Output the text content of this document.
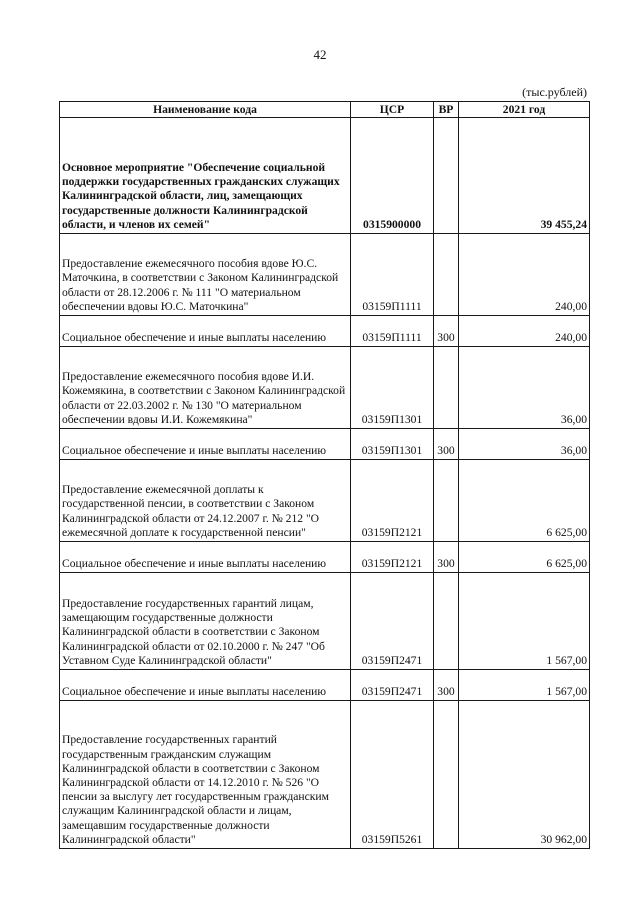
42
(тыс.рублей)
Наименование кода	ЦСР	ВР	2021 год
Основное мероприятие "Обеспечение социальной поддержки государственных гражданских служащих Калининградской области, лиц, замещающих государственные должности Калининградской области, и членов их семей"	0315900000		39 455,24
Предоставление ежемесячного пособия вдове Ю.С. Маточкина, в соответствии с Законом Калининградской области от 28.12.2006 г. № 111 "О материальном обеспечении вдовы Ю.С. Маточкина"	03159П1111		240,00
Социальное обеспечение и иные выплаты населению	03159П1111	300	240,00
Предоставление ежемесячного пособия вдове И.И. Кожемякина, в соответствии с Законом Калининградской области от 22.03.2002 г. № 130 "О материальном обеспечении вдовы И.И. Кожемякина"	03159П1301		36,00
Социальное обеспечение и иные выплаты населению	03159П1301	300	36,00
Предоставление ежемесячной доплаты к государственной пенсии, в соответствии с Законом Калининградской области от 24.12.2007 г. № 212 "О ежемесячной доплате к государственной пенсии"	03159П2121		6 625,00
Социальное обеспечение и иные выплаты населению	03159П2121	300	6 625,00
Предоставление государственных гарантий лицам, замещающим государственные должности Калининградской области в соответствии с Законом Калининградской области от 02.10.2000 г. № 247 "Об Уставном Суде Калининградской области"	03159П2471		1 567,00
Социальное обеспечение и иные выплаты населению	03159П2471	300	1 567,00
Предоставление государственных гарантий государственным гражданским служащим Калининградской области в соответствии с Законом Калининградской области от 14.12.2010 г. № 526 "О пенсии за выслугу лет государственным гражданским служащим Калининградской области и лицам, замещавшим государственные должности Калининградской области"	03159П5261		30 962,00
